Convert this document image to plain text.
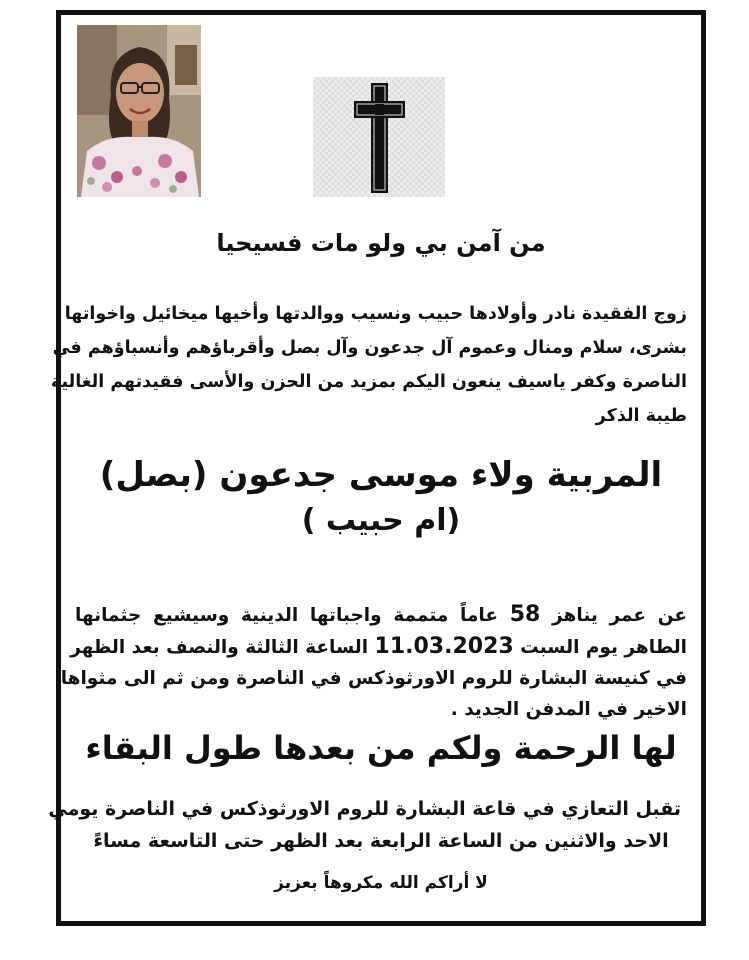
من آمن بي ولو مات فسيحيا
زوج الفقيدة نادر وأولادها حبيب ونسيب ووالدتها وأخيها ميخائيل واخواتها
بشرى، سلام ومنال وعموم آل جدعون وآل بصل وأقرباؤهم وأنسباؤهم في
الناصرة وكفر ياسيف ينعون اليكم بمزيد من الحزن والأسى فقيدتهم الغالية
طيبة الذكر
المربية ولاء موسى جدعون (بصل)
(ام حبيب )
عن عمر يناهز 58 عاماً متممة واجباتها الدينية وسيشيع جثمانها
الطاهر يوم السبت 11.03.2023 الساعة الثالثة والنصف بعد الظهر
في كنيسة البشارة للروم الاورثوذكس في الناصرة ومن ثم الى مثواها
الاخير في المدفن الجديد .
لها الرحمة ولكم من بعدها طول البقاء
تقبل التعازي في قاعة البشارة للروم الاورثوذكس في الناصرة يومي
الاحد والاثنين من الساعة الرابعة بعد الظهر حتى التاسعة مساءً
لا أراكم الله مكروهاً بعزيز
